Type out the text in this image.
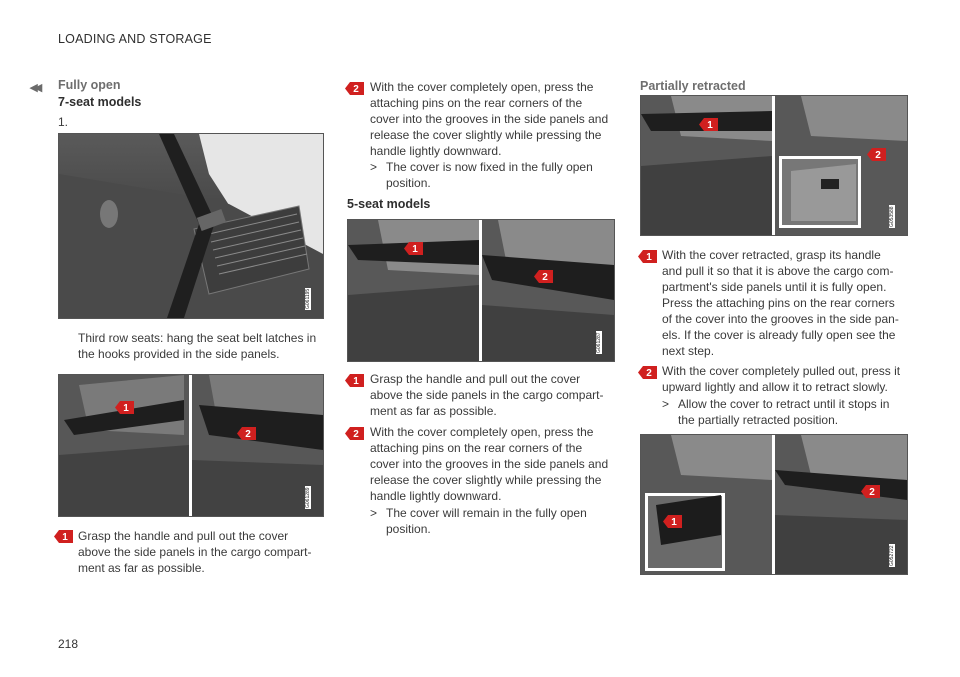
LOADING AND STORAGE
◂◂ Fully open
7-seat models
1.
G061195
Third row seats: hang the seat belt latches in
the hooks provided in the side panels.
1
2
G061289
1 Grasp the handle and pull out the cover
above the side panels in the cargo compart-
ment as far as possible.
2 With the cover completely open, press the
attaching pins on the rear corners of the
cover into the grooves in the side panels and
release the cover slightly while pressing the
handle lightly downward.
> The cover is now fixed in the fully open
position.
5-seat models
1
2
G061287
1 Grasp the handle and pull out the cover
above the side panels in the cargo compart-
ment as far as possible.
2 With the cover completely open, press the
attaching pins on the rear corners of the
cover into the grooves in the side panels and
release the cover slightly while pressing the
handle lightly downward.
> The cover will remain in the fully open
position.
Partially retracted
1
2
G053588
1 With the cover retracted, grasp its handle
and pull it so that it is above the cargo com-
partment's side panels until it is fully open.
Press the attaching pins on the rear corners
of the cover into the grooves in the side pan-
els. If the cover is already fully open see the
next step.
2 With the cover completely pulled out, press it
upward lightly and allow it to retract slowly.
> Allow the cover to retract until it stops in
the partially retracted position.
1
2
G052722
218
